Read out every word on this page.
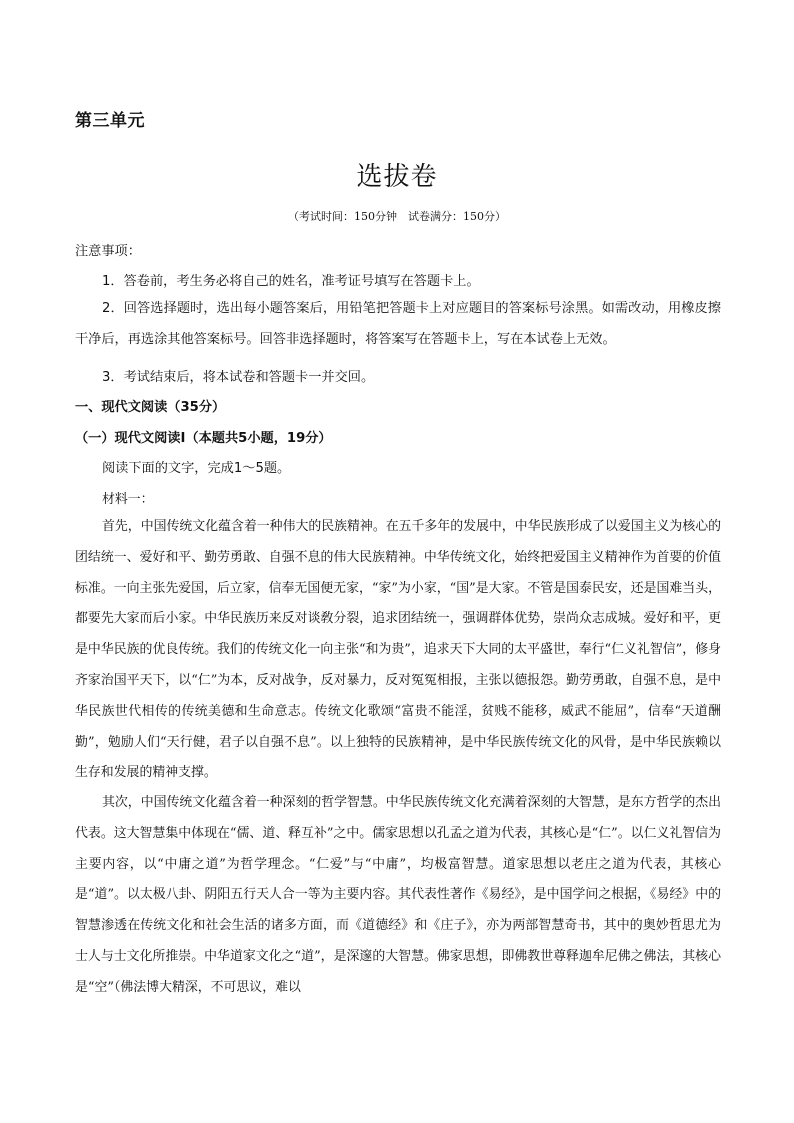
第三单元
选拔卷
（考试时间：150分钟　试卷满分：150分）
注意事项：
1．答卷前，考生务必将自己的姓名，准考证号填写在答题卡上。
2．回答选择题时，选出每小题答案后，用铅笔把答题卡上对应题目的答案标号涂黑。如需改动，用橡皮擦干净后，再选涂其他答案标号。回答非选择题时，将答案写在答题卡上，写在本试卷上无效。
3．考试结束后，将本试卷和答题卡一并交回。
一、现代文阅读（35分）
（一）现代文阅读Ⅰ（本题共5小题，19分）
阅读下面的文字，完成1～5题。
材料一：
首先，中国传统文化蕴含着一种伟大的民族精神。在五千多年的发展中，中华民族形成了以爱国主义为核心的团结统一、爱好和平、勤劳勇敢、自强不息的伟大民族精神。中华传统文化，始终把爱国主义精神作为首要的价值标准。一向主张先爱国，后立家，信奉无国便无家，“家”为小家，“国”是大家。不管是国泰民安，还是国难当头，都要先大家而后小家。中华民族历来反对谈敎分裂，追求团结统一，强调群体优势，崇尚众志成城。爱好和平，更是中华民族的优良传统。我们的传统文化一向主张“和为贵”，追求天下大同的太平盛世，奉行“仁义礼智信”，修身齐家治国平天下，以“仁”为本，反对战争，反对暴力，反对冤冤相报，主张以德报怨。勤劳勇敢，自强不息，是中华民族世代相传的传统美德和生命意志。传统文化歌颂“富贵不能淫，贫贱不能移，威武不能屈”，信奉“天道酬勤”，勉励人们“天行健，君子以自强不息”。以上独特的民族精神，是中华民族传统文化的风骨，是中华民族赖以生存和发展的精神支撑。
其次，中国传统文化蕴含着一种深刻的哲学智慧。中华民族传统文化充满着深刻的大智慧，是东方哲学的杰出代表。这大智慧集中体现在“儒、道、释互补”之中。儒家思想以孔孟之道为代表，其核心是“仁”。以仁义礼智信为主要内容，以“中庸之道”为哲学理念。“仁爱”与“中庸”，均极富智慧。道家思想以老庄之道为代表，其核心是“道”。以太极八卦、阴阳五行天人合一等为主要内容。其代表性著作《易经》，是中国学问之根据，《易经》中的智慧渗透在传统文化和社会生活的诸多方面，而《道德经》和《庄子》，亦为两部智慧奇书，其中的奥妙哲思尤为士人与士文化所推崇。中华道家文化之“道”，是深邃的大智慧。佛家思想，即佛教世尊释迦牟尼佛之佛法，其核心是“空”（佛法博大精深，不可思议，难以
